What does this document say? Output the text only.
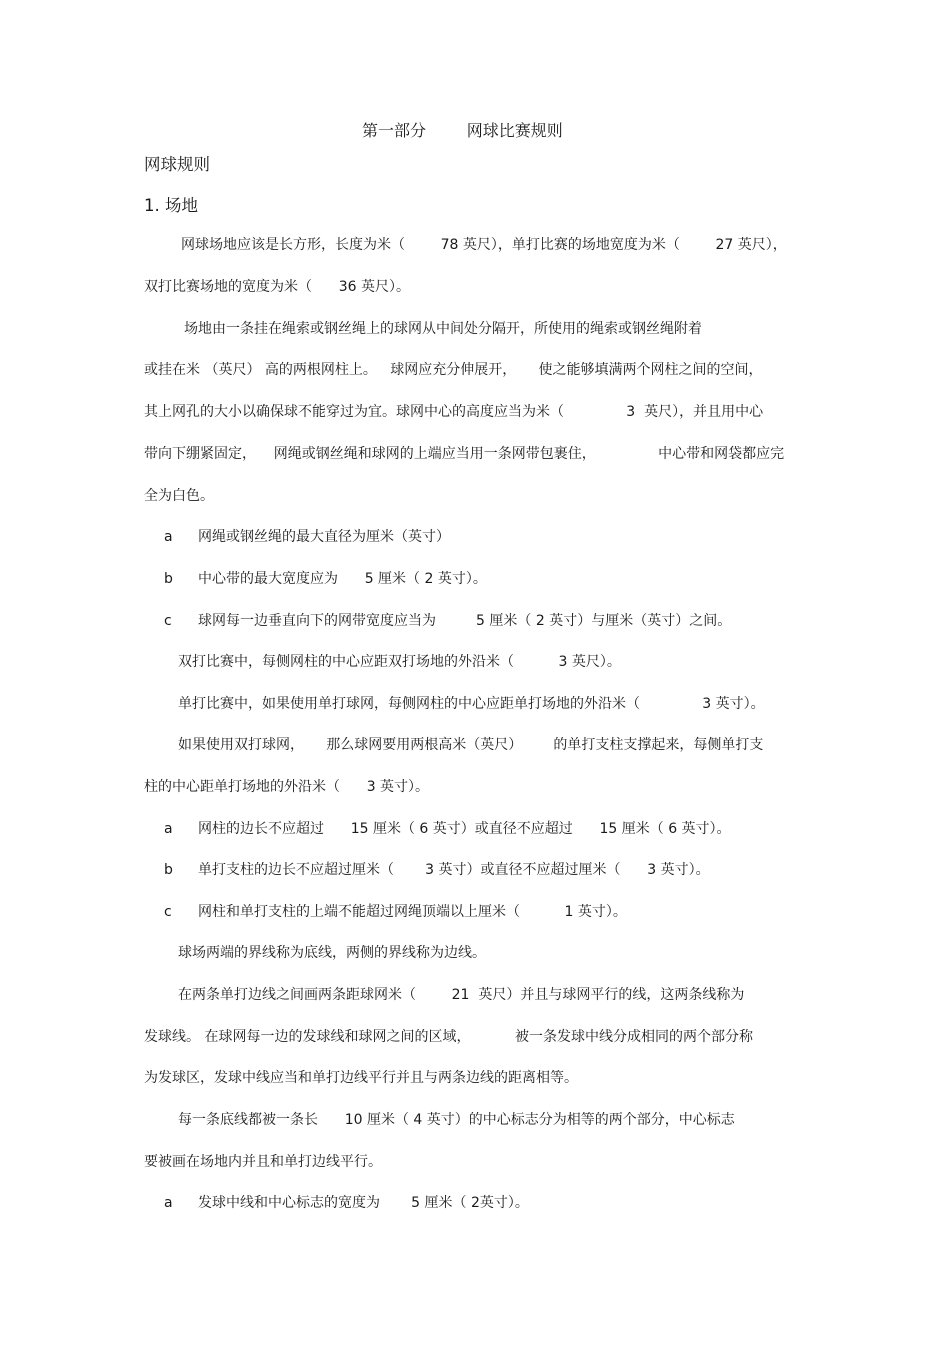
第一部分        网球比赛规则
网球规则
1. 场地
网球场地应该是长方形，长度为米（        78 英尺），单打比赛的场地宽度为米（        27 英尺），
双打比赛场地的宽度为米（      36 英尺）。
场地由一条挂在绳索或钢丝绳上的球网从中间处分隔开，所使用的绳索或钢丝绳附着
或挂在米 （英尺） 高的两根网柱上。   球网应充分伸展开，     使之能够填满两个网柱之间的空间，
其上网孔的大小以确保球不能穿过为宜。球网中心的高度应当为米（              3  英尺），并且用中心
带向下绷紧固定，    网绳或钢丝绳和球网的上端应当用一条网带包裹住，              中心带和网袋都应完
全为白色。
a 网绳或钢丝绳的最大直径为厘米（英寸）
b 中心带的最大宽度应为      5 厘米（ 2 英寸）。
c 球网每一边垂直向下的网带宽度应当为         5 厘米（ 2 英寸）与厘米（英寸）之间。
双打比赛中，每侧网柱的中心应距双打场地的外沿米（          3 英尺）。
单打比赛中，如果使用单打球网，每侧网柱的中心应距单打场地的外沿米（              3 英寸）。
如果使用双打球网，     那么球网要用两根高米（英尺）       的单打支柱支撑起来，每侧单打支
柱的中心距单打场地的外沿米（      3 英寸）。
a 网柱的边长不应超过      15 厘米（ 6 英寸）或直径不应超过      15 厘米（ 6 英寸）。
b 单打支柱的边长不应超过厘米（       3 英寸）或直径不应超过厘米（      3 英寸）。
c 网柱和单打支柱的上端不能超过网绳顶端以上厘米（          1 英寸）。
球场两端的界线称为底线，两侧的界线称为边线。
在两条单打边线之间画两条距球网米（        21  英尺）并且与球网平行的线，这两条线称为
发球线。 在球网每一边的发球线和球网之间的区域，          被一条发球中线分成相同的两个部分称
为发球区，发球中线应当和单打边线平行并且与两条边线的距离相等。
每一条底线都被一条长      10 厘米（ 4 英寸）的中心标志分为相等的两个部分，中心标志
要被画在场地内并且和单打边线平行。
a 发球中线和中心标志的宽度为       5 厘米（ 2英寸）。
